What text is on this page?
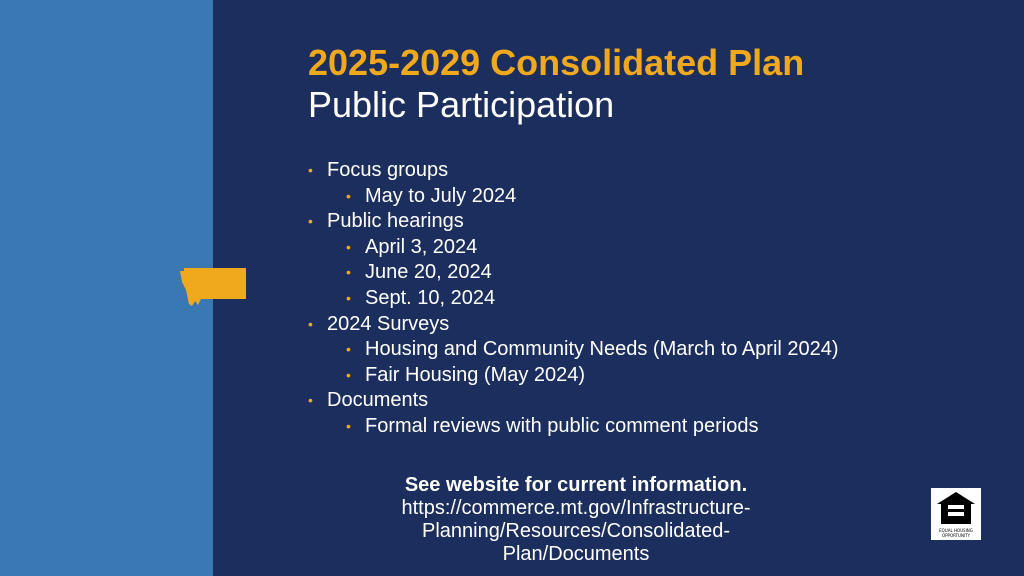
2025-2029 Consolidated Plan
Public Participation
• Focus groups
• May to July 2024
• Public hearings
• April 3, 2024
• June 20, 2024
• Sept. 10, 2024
• 2024 Surveys
• Housing and Community Needs (March to April 2024)
• Fair Housing (May 2024)
• Documents
• Formal reviews with public comment periods
See website for current information.
https://commerce.mt.gov/Infrastructure-
Planning/Resources/Consolidated-Plan/Documents
EQUAL HOUSING
OPPORTUNITY
